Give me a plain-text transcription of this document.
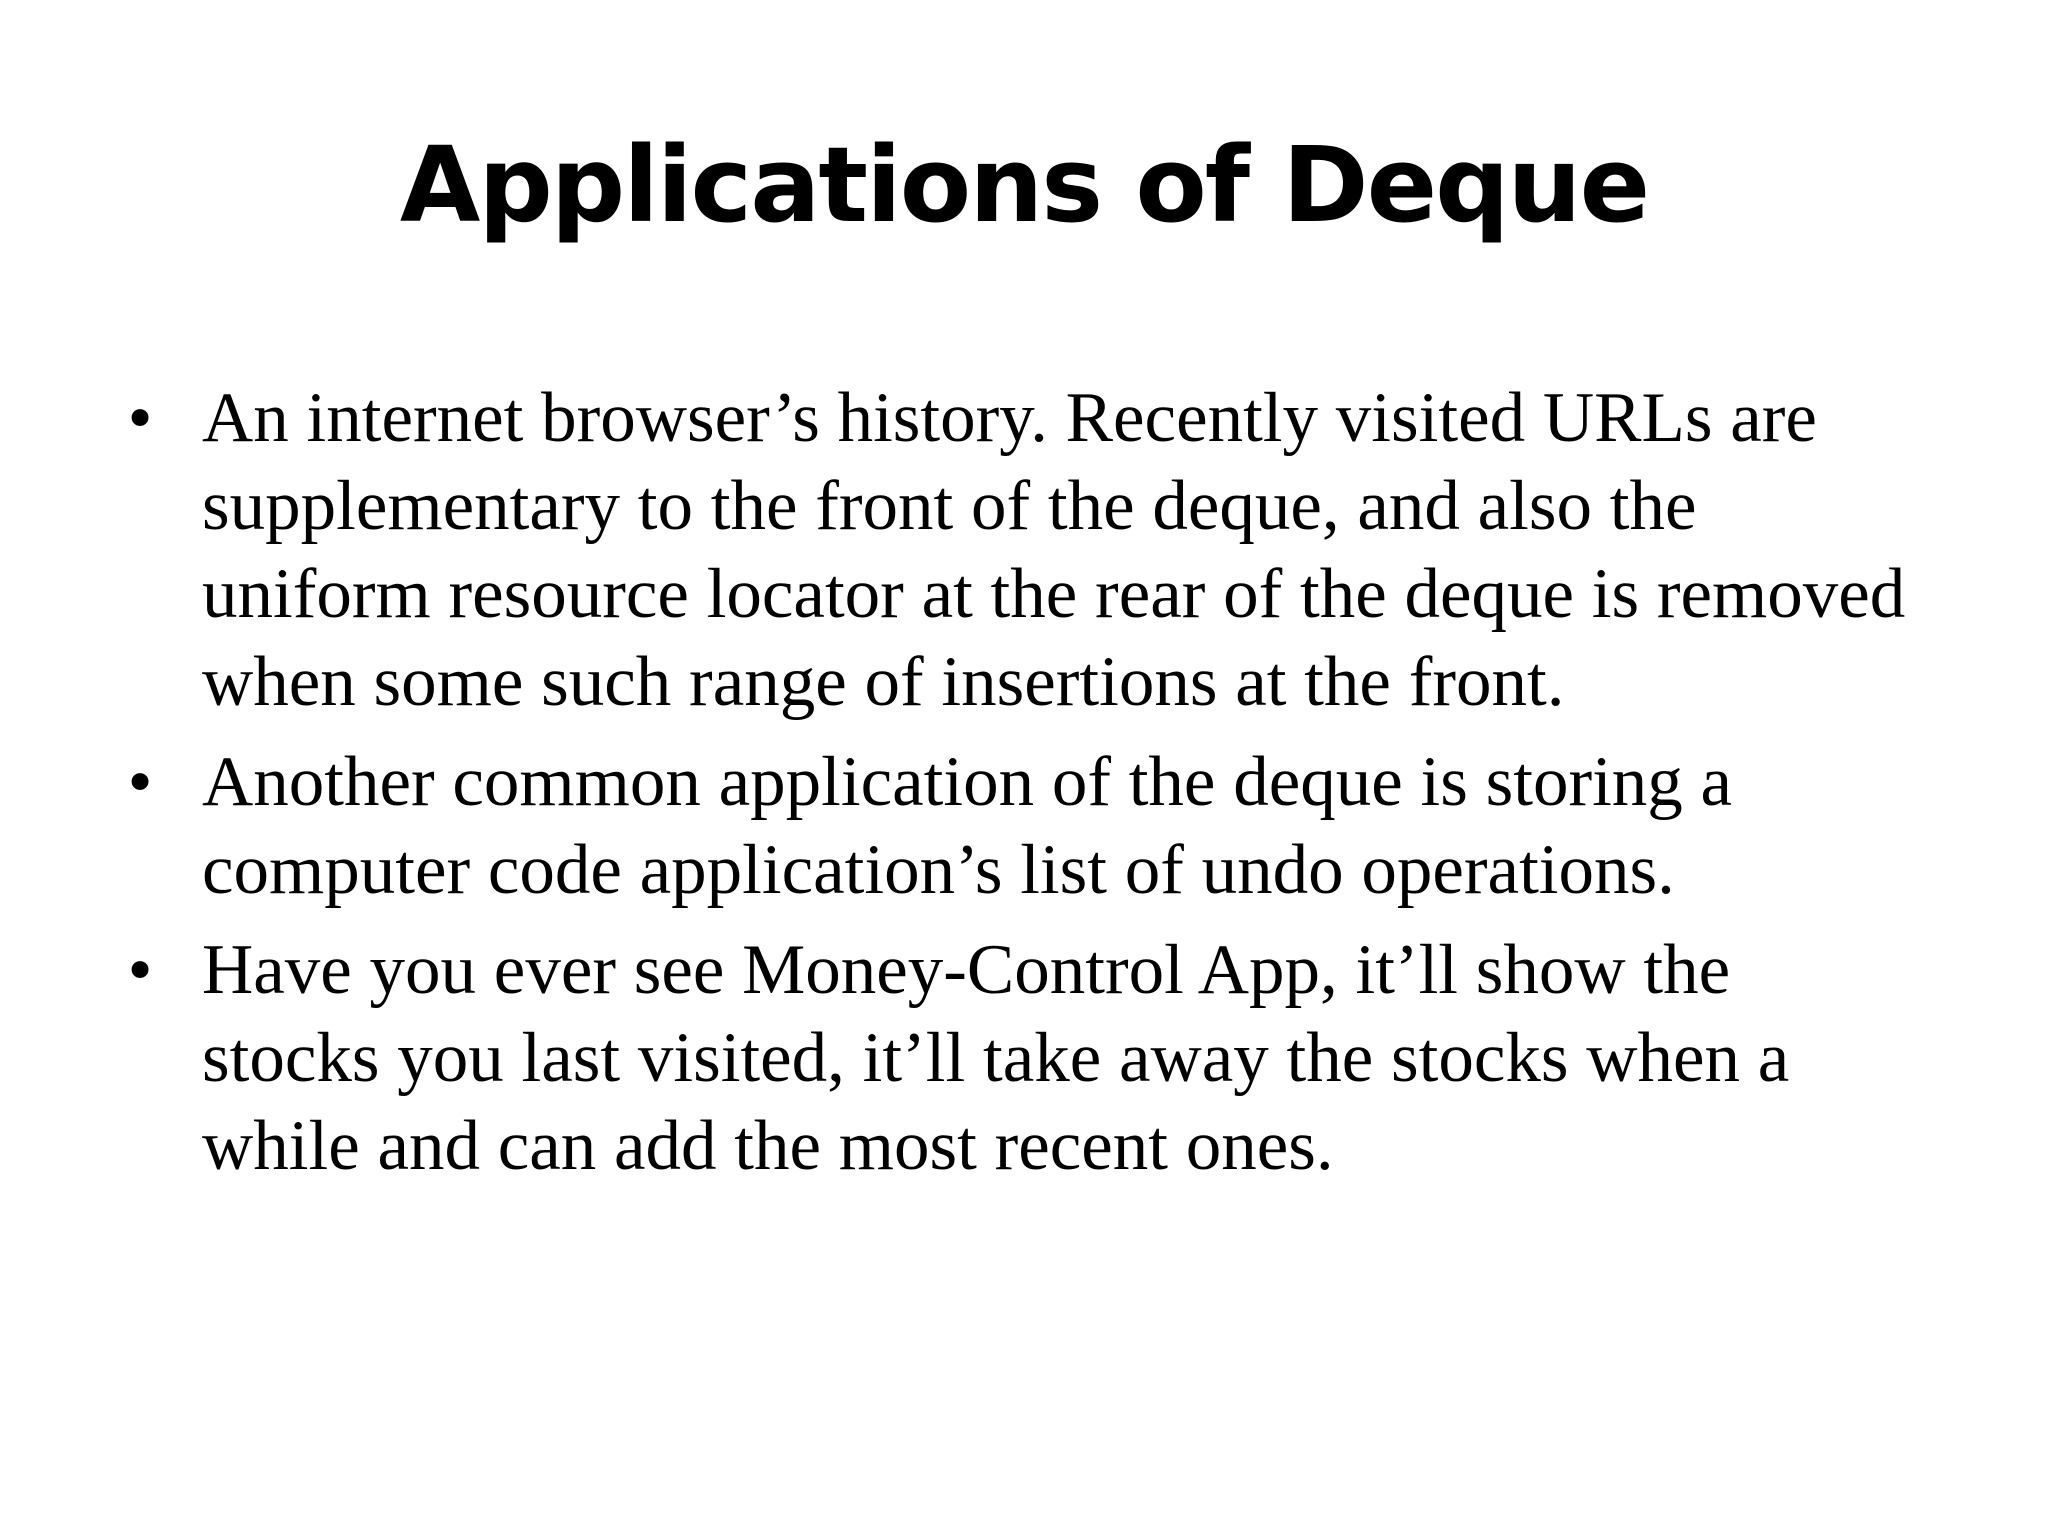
Applications of Deque
• An internet browser’s history. Recently visited URLs are supplementary to the front of the deque, and also the uniform resource locator at the rear of the deque is removed when some such range of insertions at the front.
• Another common application of the deque is storing a computer code application’s list of undo operations.
• Have you ever see Money-Control App, it’ll show the stocks you last visited, it’ll take away the stocks when a while and can add the most recent ones.
